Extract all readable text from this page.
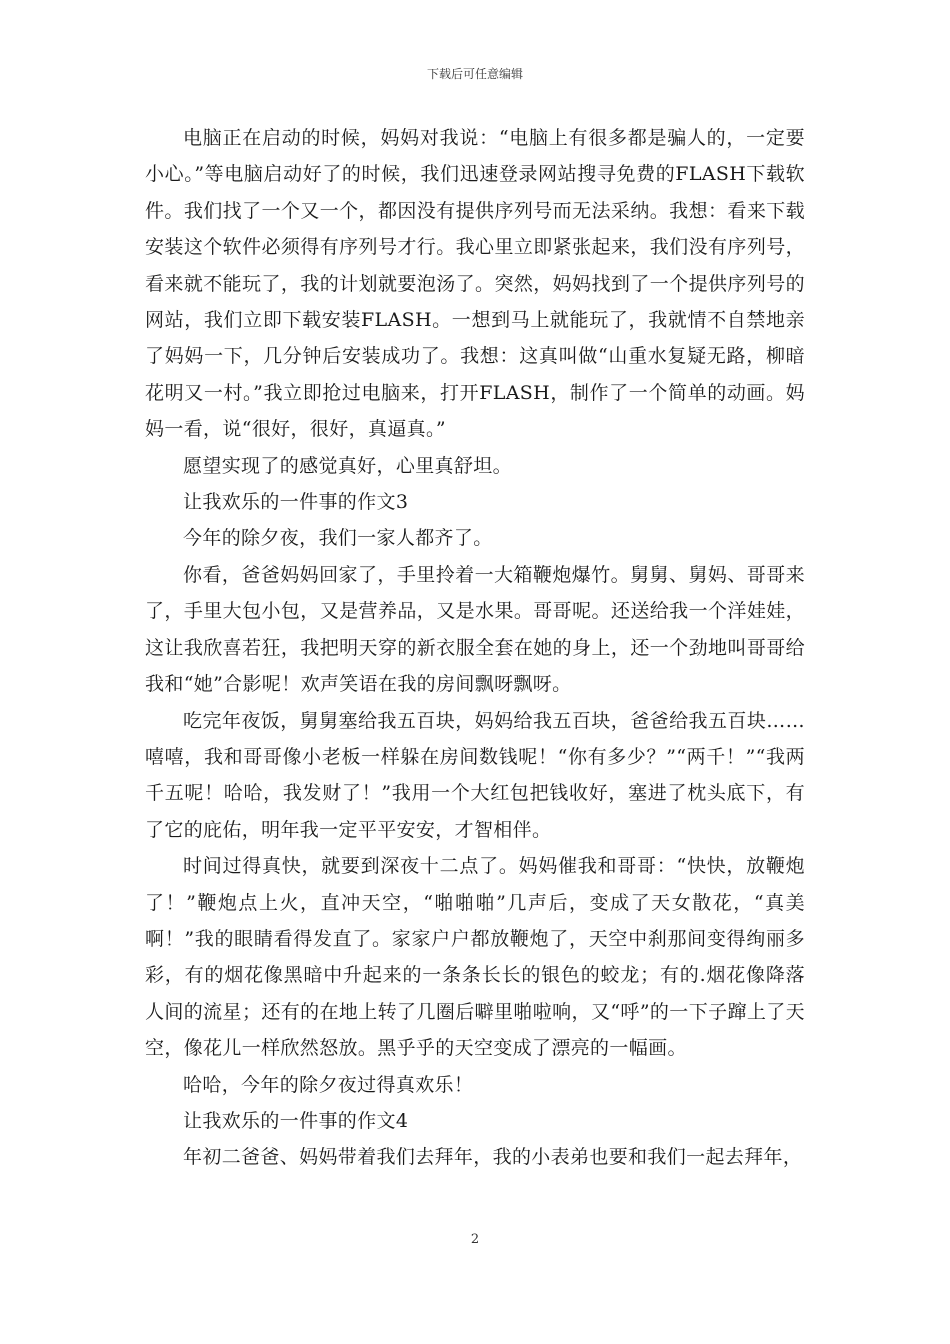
下载后可任意编辑

电脑正在启动的时候，妈妈对我说：“电脑上有很多都是骗人的，一定要小心。”等电脑启动好了的时候，我们迅速登录网站搜寻免费的FLASH下载软件。我们找了一个又一个，都因没有提供序列号而无法采纳。我想：看来下载安装这个软件必须得有序列号才行。我心里立即紧张起来，我们没有序列号，看来就不能玩了，我的计划就要泡汤了。突然，妈妈找到了一个提供序列号的网站，我们立即下载安装FLASH。一想到马上就能玩了，我就情不自禁地亲了妈妈一下，几分钟后安装成功了。我想：这真叫做“山重水复疑无路，柳暗花明又一村。”我立即抢过电脑来，打开FLASH，制作了一个简单的动画。妈妈一看，说“很好，很好，真逼真。”

愿望实现了的感觉真好，心里真舒坦。

让我欢乐的一件事的作文3

今年的除夕夜，我们一家人都齐了。

你看，爸爸妈妈回家了，手里拎着一大箱鞭炮爆竹。舅舅、舅妈、哥哥来了，手里大包小包，又是营养品，又是水果。哥哥呢。还送给我一个洋娃娃，这让我欣喜若狂，我把明天穿的新衣服全套在她的身上，还一个劲地叫哥哥给我和“她”合影呢！欢声笑语在我的房间飘呀飘呀。

吃完年夜饭，舅舅塞给我五百块，妈妈给我五百块，爸爸给我五百块……嘻嘻，我和哥哥像小老板一样躲在房间数钱呢！“你有多少？”“两千！”“我两千五呢！哈哈，我发财了！”我用一个大红包把钱收好，塞进了枕头底下，有了它的庇佑，明年我一定平平安安，才智相伴。

时间过得真快，就要到深夜十二点了。妈妈催我和哥哥：“快快，放鞭炮了！”鞭炮点上火，直冲天空，“啪啪啪”几声后，变成了天女散花，“真美啊！”我的眼睛看得发直了。家家户户都放鞭炮了，天空中刹那间变得绚丽多彩，有的烟花像黑暗中升起来的一条条长长的银色的蛟龙；有的.烟花像降落人间的流星；还有的在地上转了几圈后噼里啪啦响，又“呼”的一下子蹿上了天空，像花儿一样欣然怒放。黑乎乎的天空变成了漂亮的一幅画。

哈哈，今年的除夕夜过得真欢乐！

让我欢乐的一件事的作文4

年初二爸爸、妈妈带着我们去拜年，我的小表弟也要和我们一起去拜年，

2
